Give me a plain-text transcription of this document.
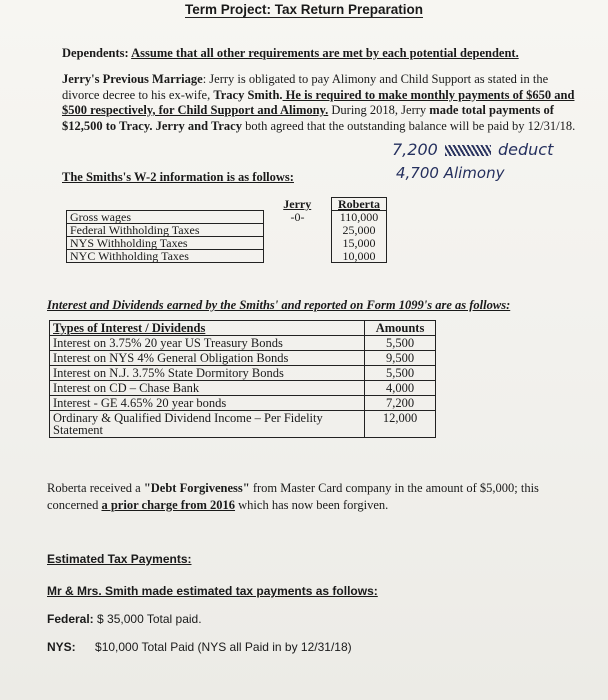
Term Project: Tax Return Preparation
Dependents: Assume that all other requirements are met by each potential dependent.
Jerry's Previous Marriage: Jerry is obligated to pay Alimony and Child Support as stated in the divorce decree to his ex-wife, Tracy Smith. He is required to make monthly payments of $650 and $500 respectively, for Child Support and Alimony. During 2018, Jerry made total payments of $12,500 to Tracy. Jerry and Tracy both agreed that the outstanding balance will be paid by 12/31/18.
7,200	deduct
4,700 Alimony
The Smiths's W-2 information is as follows:
	Jerry	Roberta
Gross wages	-0-	110,000
Federal Withholding Taxes		25,000
NYS Withholding Taxes		15,000
NYC Withholding Taxes		10,000
Interest and Dividends earned by the Smiths' and reported on Form 1099's are as follows:
Types of Interest / Dividends	Amounts
Interest on 3.75% 20 year US Treasury Bonds	5,500
Interest on NYS 4% General Obligation Bonds	9,500
Interest on N.J. 3.75% State Dormitory Bonds	5,500
Interest on CD – Chase Bank	4,000
Interest - GE 4.65% 20 year bonds	7,200
Ordinary & Qualified Dividend Income – Per Fidelity Statement	12,000
Roberta received a "Debt Forgiveness" from Master Card company in the amount of $5,000; this concerned a prior charge from 2016 which has now been forgiven.
Estimated Tax Payments:
Mr & Mrs. Smith made estimated tax payments as follows:
Federal: $ 35,000 Total paid.
NYS: $10,000 Total Paid (NYS all Paid in by 12/31/18)
